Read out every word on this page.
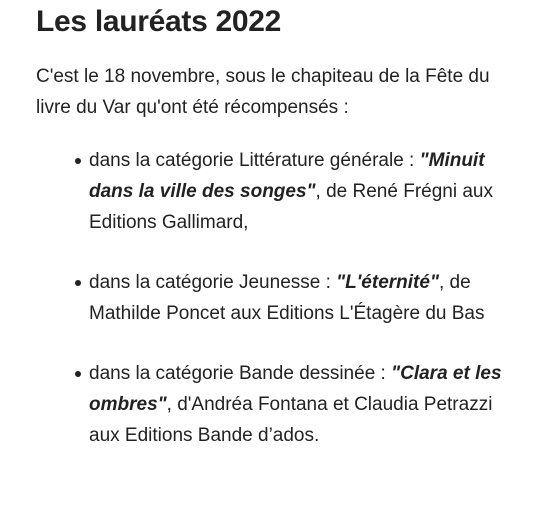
Les lauréats 2022

C'est le 18 novembre, sous le chapiteau de la Fête du livre du Var qu'ont été récompensés :

dans la catégorie Littérature générale : "Minuit dans la ville des songes", de René Frégni aux Editions Gallimard,
dans la catégorie Jeunesse : "L'éternité", de Mathilde Poncet aux Editions L'Étagère du Bas
dans la catégorie Bande dessinée : "Clara et les ombres", d'Andréa Fontana et Claudia Petrazzi aux Editions Bande d’ados.
